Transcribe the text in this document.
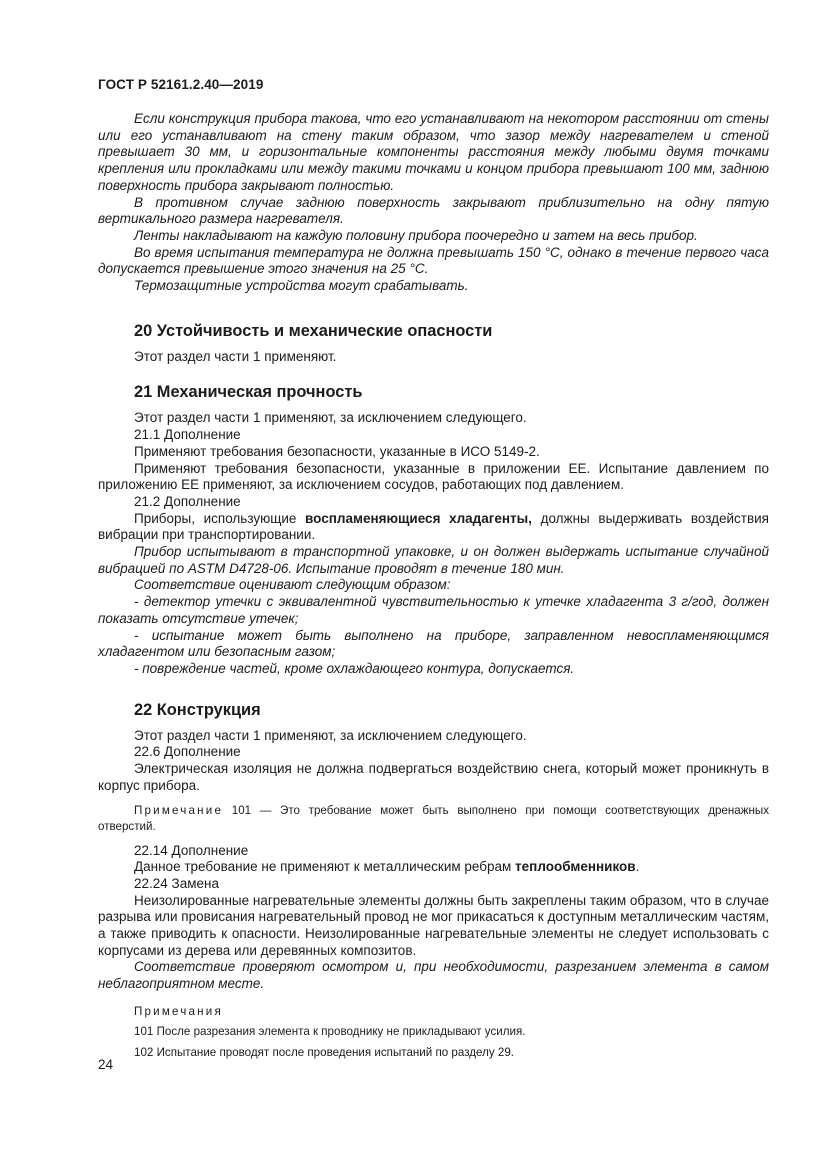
ГОСТ Р 52161.2.40—2019

Если конструкция прибора такова, что его устанавливают на некотором расстоянии от стены или его устанавливают на стену таким образом, что зазор между нагревателем и стеной превышает 30 мм, и горизонтальные компоненты расстояния между любыми двумя точками крепления или прокладками или между такими точками и концом прибора превышают 100 мм, заднюю поверхность прибора закрывают полностью.

В противном случае заднюю поверхность закрывают приблизительно на одну пятую вертикального размера нагревателя.

Ленты накладывают на каждую половину прибора поочередно и затем на весь прибор.

Во время испытания температура не должна превышать 150 °С, однако в течение первого часа допускается превышение этого значения на 25 °С.

Термозащитные устройства могут срабатывать.

20 Устойчивость и механические опасности

Этот раздел части 1 применяют.

21 Механическая прочность

Этот раздел части 1 применяют, за исключением следующего.

21.1 Дополнение

Применяют требования безопасности, указанные в ИСО 5149-2.

Применяют требования безопасности, указанные в приложении ЕЕ. Испытание давлением по приложению ЕЕ применяют, за исключением сосудов, работающих под давлением.

21.2 Дополнение

Приборы, использующие воспламеняющиеся хладагенты, должны выдерживать воздействия вибрации при транспортировании.

Прибор испытывают в транспортной упаковке, и он должен выдержать испытание случайной вибрацией по ASTM D4728-06. Испытание проводят в течение 180 мин.

Соответствие оценивают следующим образом:

- детектор утечки с эквивалентной чувствительностью к утечке хладагента 3 г/год, должен показать отсутствие утечек;

- испытание может быть выполнено на приборе, заправленном невоспламеняющимся хладагентом или безопасным газом;

- повреждение частей, кроме охлаждающего контура, допускается.

22 Конструкция

Этот раздел части 1 применяют, за исключением следующего.

22.6 Дополнение

Электрическая изоляция не должна подвергаться воздействию снега, который может проникнуть в корпус прибора.

Примечание 101 — Это требование может быть выполнено при помощи соответствующих дренажных отверстий.

22.14 Дополнение

Данное требование не применяют к металлическим ребрам теплообменников.

22.24 Замена

Неизолированные нагревательные элементы должны быть закреплены таким образом, что в случае разрыва или провисания нагревательный провод не мог прикасаться к доступным металлическим частям, а также приводить к опасности. Неизолированные нагревательные элементы не следует использовать с корпусами из дерева или деревянных композитов.

Соответствие проверяют осмотром и, при необходимости, разрезанием элемента в самом неблагоприятном месте.

Примечания

101 После разрезания элемента к проводнику не прикладывают усилия.

102 Испытание проводят после проведения испытаний по разделу 29.

24
